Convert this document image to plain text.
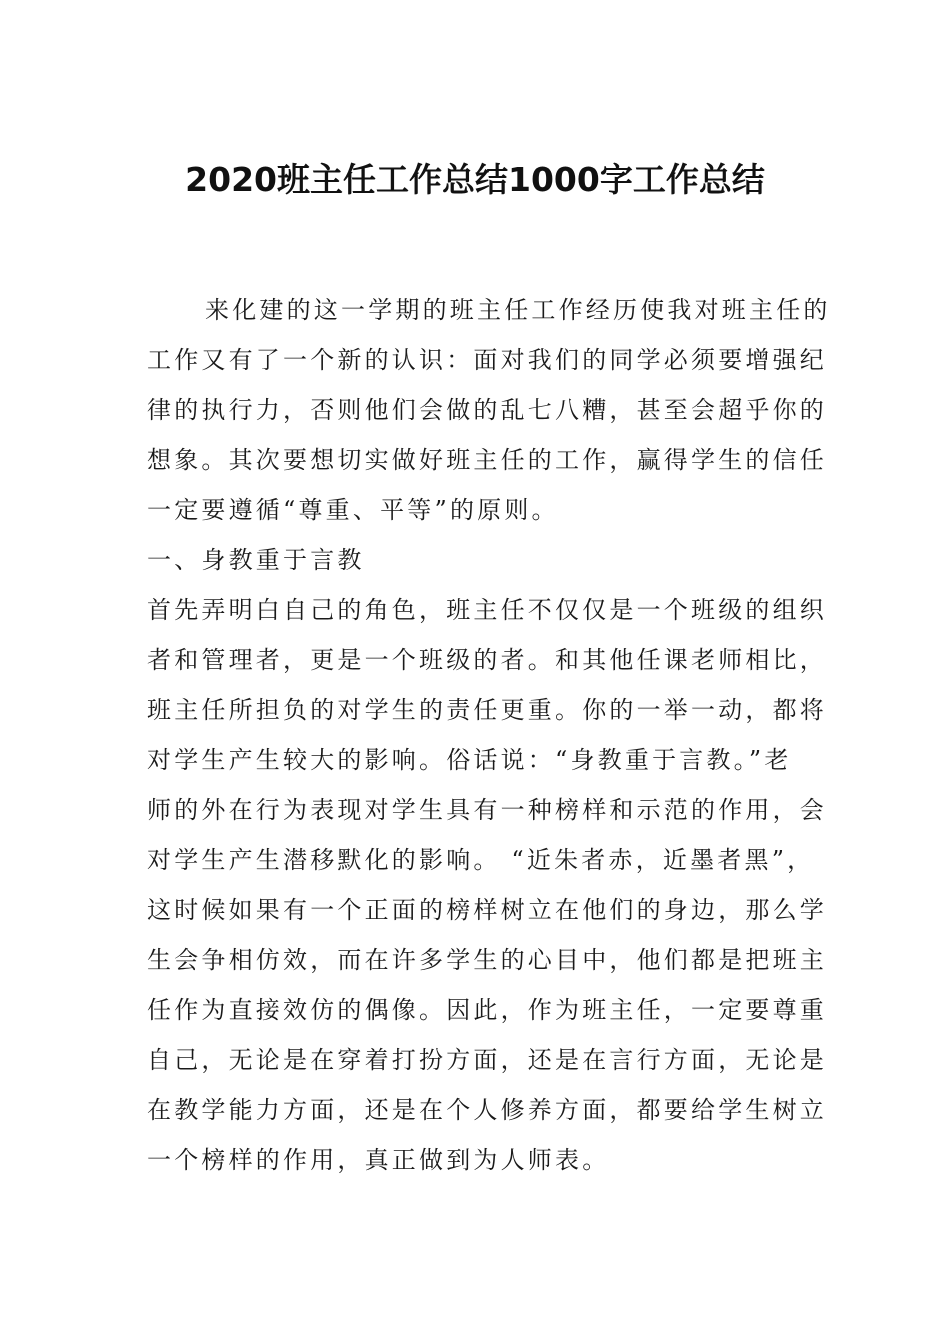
2020班主任工作总结1000字工作总结
来化建的这一学期的班主任工作经历使我对班主任的
工作又有了一个新的认识：面对我们的同学必须要增强纪
律的执行力，否则他们会做的乱七八糟，甚至会超乎你的
想象。其次要想切实做好班主任的工作，赢得学生的信任
一定要遵循“尊重、平等”的原则。
一、身教重于言教
首先弄明白自己的角色，班主任不仅仅是一个班级的组织
者和管理者，更是一个班级的者。和其他任课老师相比，
班主任所担负的对学生的责任更重。你的一举一动，都将
对学生产生较大的影响。俗话说：“身教重于言教。”老
师的外在行为表现对学生具有一种榜样和示范的作用，会
对学生产生潜移默化的影响。 “近朱者赤，近墨者黑”，
这时候如果有一个正面的榜样树立在他们的身边，那么学
生会争相仿效，而在许多学生的心目中，他们都是把班主
任作为直接效仿的偶像。因此，作为班主任，一定要尊重
自己，无论是在穿着打扮方面，还是在言行方面，无论是
在教学能力方面，还是在个人修养方面，都要给学生树立
一个榜样的作用，真正做到为人师表。
